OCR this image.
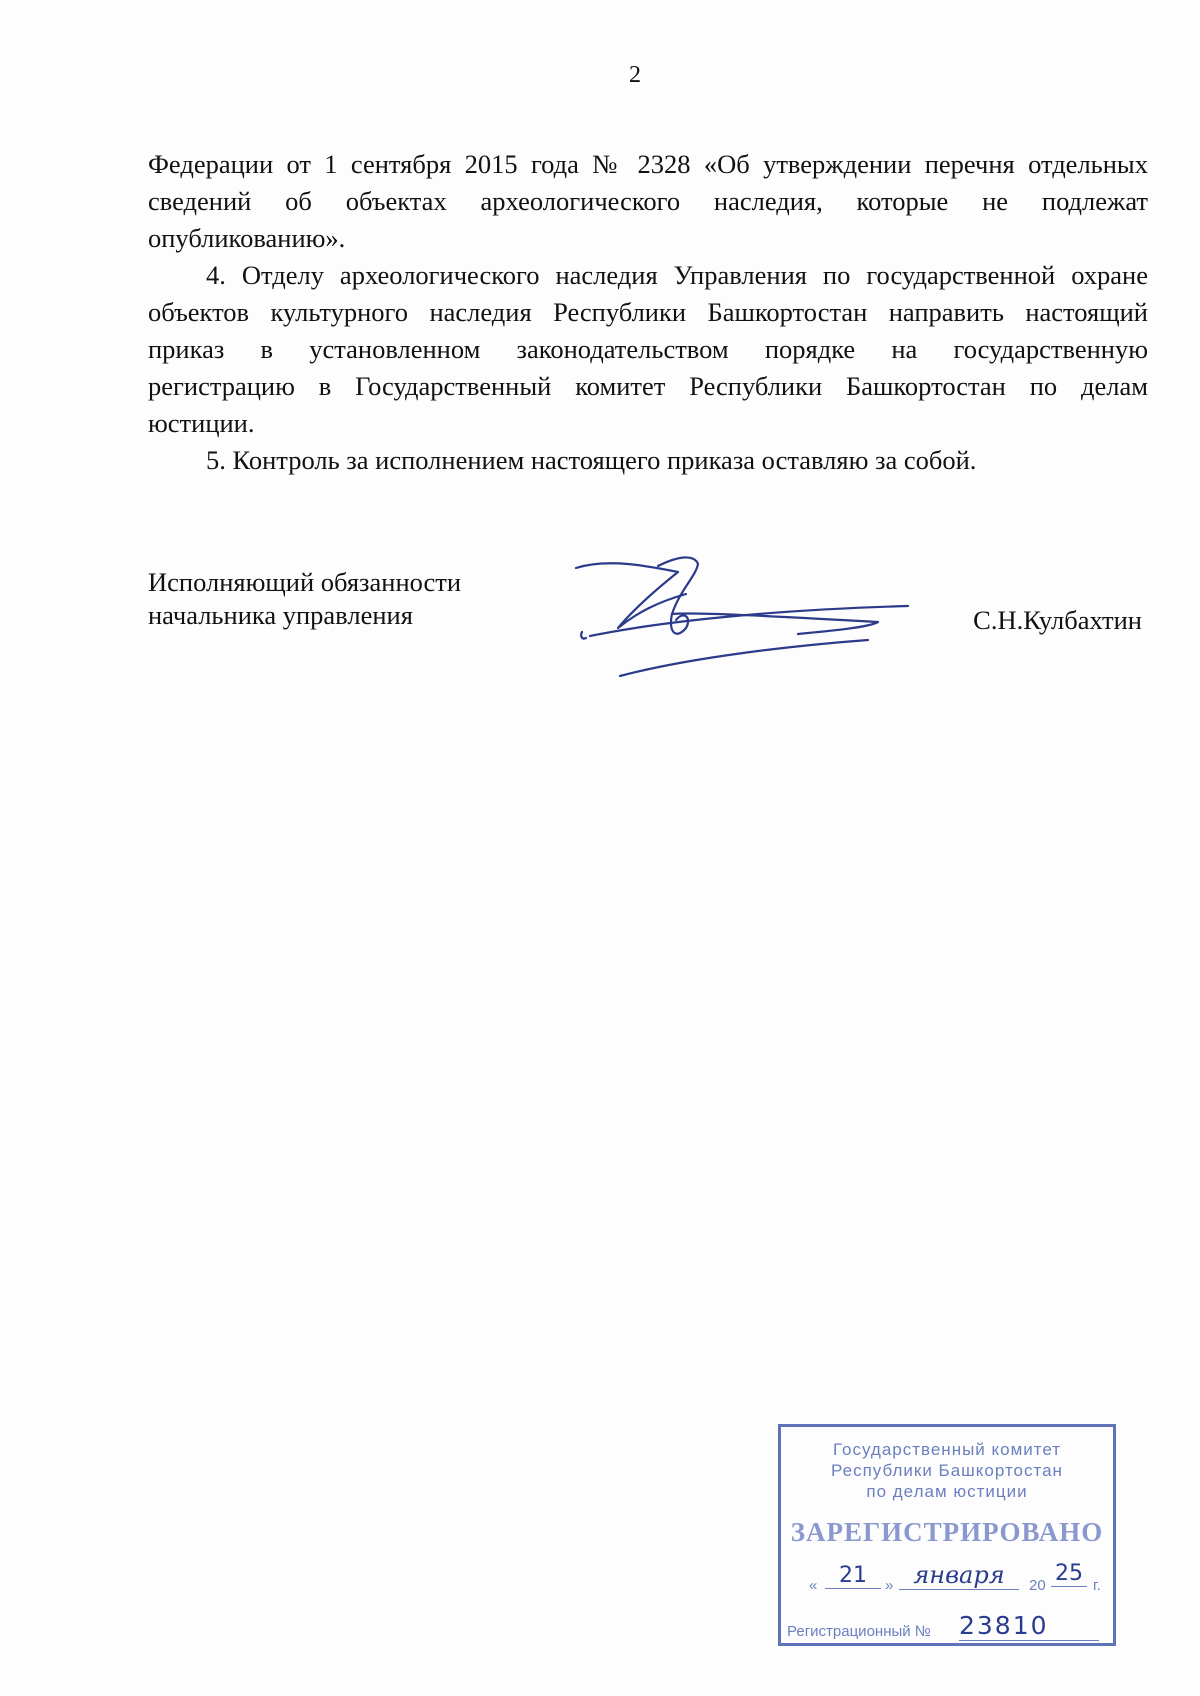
2

Федерации от 1 сентября 2015 года № 2328 «Об утверждении перечня отдельных
сведений об объектах археологического наследия, которые не подлежат
опубликованию».

4. Отделу археологического наследия Управления по государственной охране
объектов культурного наследия Республики Башкортостан направить настоящий
приказ в установленном законодательством порядке на государственную
регистрацию в Государственный комитет Республики Башкортостан по делам
юстиции.

5. Контроль за исполнением настоящего приказа оставляю за собой.

Исполняющий обязанности
начальника управления	С.Н.Кулбахтин
Государственный комитет
Республики Башкортостан
по делам юстиции
ЗАРЕГИСТРИРОВАНО
« 21	» января	20 25 г.
Регистрационный № 23810
